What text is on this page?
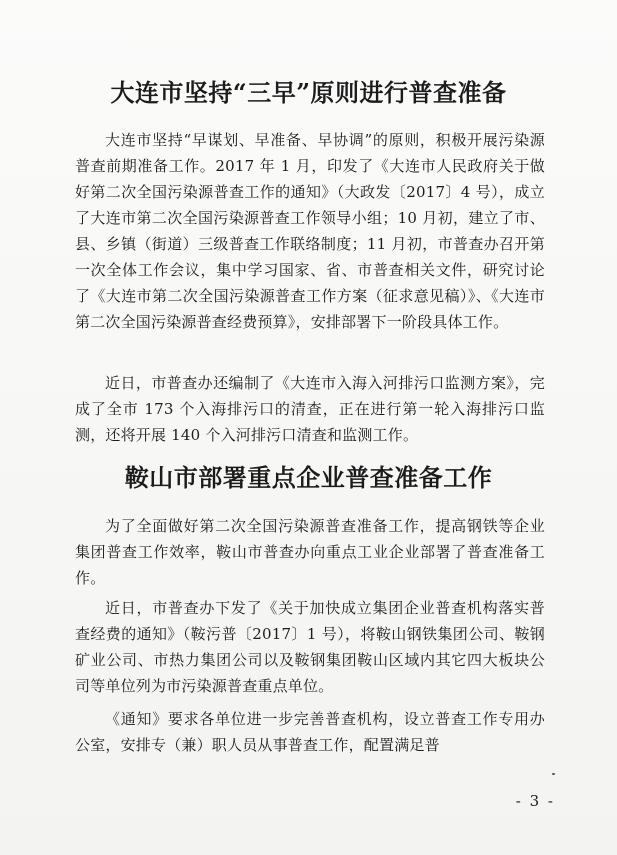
大连市坚持“三早”原则进行普查准备
大连市坚持“早谋划、早准备、早协调”的原则，积极开展污染源普查前期准备工作。2017 年 1 月，印发了《大连市人民政府关于做好第二次全国污染源普查工作的通知》（大政发〔2017〕4 号），成立了大连市第二次全国污染源普查工作领导小组；10 月初，建立了市、县、乡镇（街道）三级普查工作联络制度；11 月初，市普查办召开第一次全体工作会议，集中学习国家、省、市普查相关文件，研究讨论了《大连市第二次全国污染源普查工作方案（征求意见稿）》、《大连市第二次全国污染源普查经费预算》，安排部署下一阶段具体工作。
近日，市普查办还编制了《大连市入海入河排污口监测方案》，完成了全市 173 个入海排污口的清查，正在进行第一轮入海排污口监测，还将开展 140 个入河排污口清查和监测工作。
鞍山市部署重点企业普查准备工作
为了全面做好第二次全国污染源普查准备工作，提高钢铁等企业集团普查工作效率，鞍山市普查办向重点工业企业部署了普查准备工作。
近日，市普查办下发了《关于加快成立集团企业普查机构落实普查经费的通知》（鞍污普〔2017〕1 号），将鞍山钢铁集团公司、鞍钢矿业公司、市热力集团公司以及鞍钢集团鞍山区域内其它四大板块公司等单位列为市污染源普查重点单位。
《通知》要求各单位进一步完善普查机构，设立普查工作专用办公室，安排专（兼）职人员从事普查工作，配置满足普
- 3 -
